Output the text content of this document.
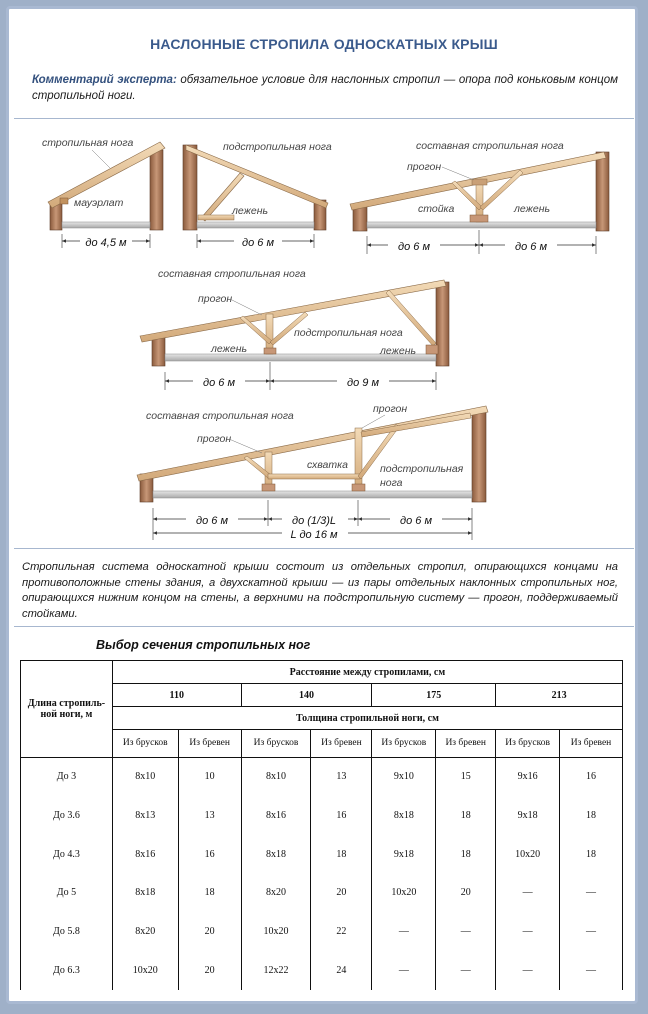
НАСЛОННЫЕ СТРОПИЛА ОДНОСКАТНЫХ КРЫШ
Комментарий эксперта: обязательное условие для наслонных стропил — опора под коньковым концом стропильной ноги.
до 4,5 м
стропильная нога
мауэрлат
до 6 м
подстропильная нога
лежень
до 6 м	до 6 м
составная стропильная нога
прогон
стойка	лежень
до 6 м	до 9 м
составная стропильная нога
прогон
подстропильная нога
лежень	лежень
до 6 м	до (1/3)L	до 6 м
L до 16 м
составная стропильная нога
прогон
прогон
схватка	подстропильная
нога
Стропильная система односкатной крыши состоит из отдельных стропил, опирающихся концами на противоположные стены здания, а двухскатной крыши — из пары отдельных наклонных стропильных ног, опирающихся нижним концом на стены, а верхними на подстропильную систему — прогон, поддерживаемый стойками.
Выбор сечения стропильных ног
Длина стропиль-
ной ноги, м	Расстояние между стропилами, см							
	110		140		175		213	
	Толщина стропильной ноги, см							
	Из брусков	Из бревен	Из брусков	Из бревен	Из брусков	Из бревен	Из брусков	Из бревен
До 3	8x10	10	8x10	13	9x10	15	9x16	16
До 3.6	8x13	13	8x16	16	8x18	18	9x18	18
До 4.3	8x16	16	8x18	18	9x18	18	10x20	18
До 5	8x18	18	8x20	20	10x20	20	—	—
До 5.8	8x20	20	10x20	22	—	—	—	—
До 6.3	10x20	20	12x22	24	—	—	—	—
